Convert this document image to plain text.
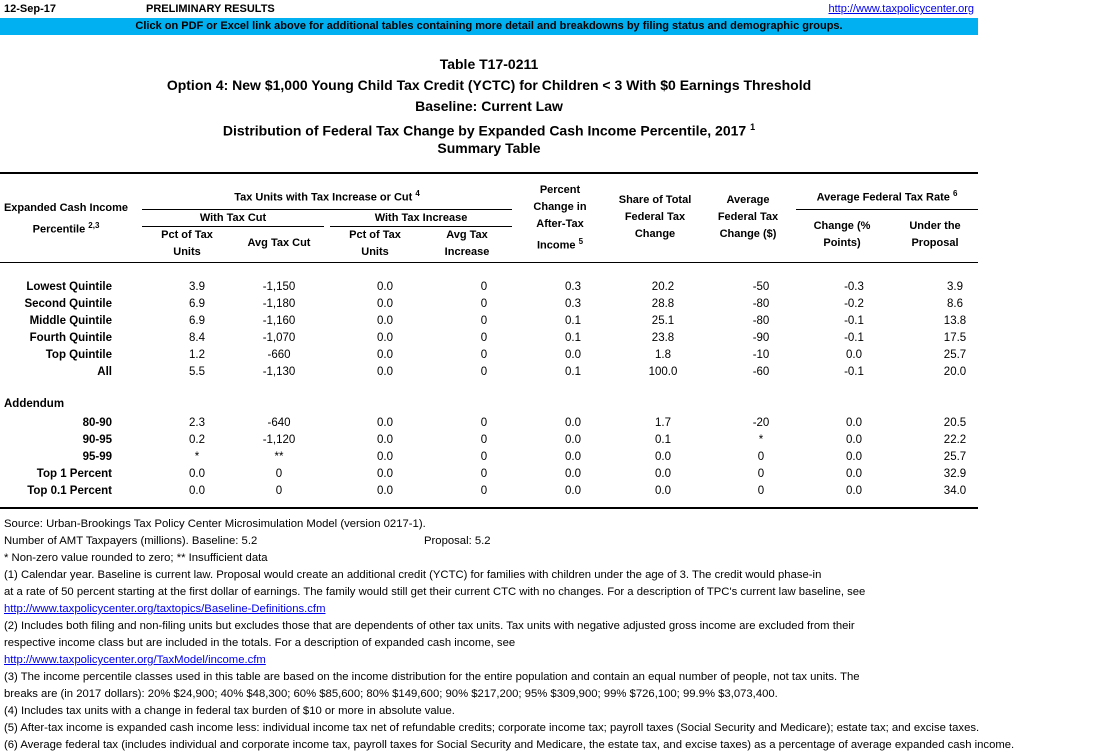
12-Sep-17	PRELIMINARY RESULTS	http://www.taxpolicycenter.org
Click on PDF or Excel link above for additional tables containing more detail and breakdowns by filing status and demographic groups.
Table T17-0211
Option 4: New $1,000 Young Child Tax Credit (YCTC) for Children < 3 With $0 Earnings Threshold
Baseline: Current Law
Distribution of Federal Tax Change by Expanded Cash Income Percentile, 2017 $^1$
Summary Table
Expanded Cash Income
Percentile $^{2,3}$
Tax Units with Tax Increase or Cut $^4$
With Tax Cut	With Tax Increase
Pct of Tax
Units
Avg Tax Cut
Pct of Tax
Units
Avg Tax
Increase
Percent
Change in
After-Tax
Income $^5$
Share of Total
Federal Tax
Change
Average
Federal Tax
Change ($)
Average Federal Tax Rate $^6$
Change (%
Points)
Under the
Proposal
Lowest Quintile	3.9	-1,150	0.0	0	0.3	20.2	-50	-0.3	3.9
Second Quintile	6.9	-1,180	0.0	0	0.3	28.8	-80	-0.2	8.6
Middle Quintile	6.9	-1,160	0.0	0	0.1	25.1	-80	-0.1	13.8
Fourth Quintile	8.4	-1,070	0.0	0	0.1	23.8	-90	-0.1	17.5
Top Quintile	1.2	-660	0.0	0	0.0	1.8	-10	0.0	25.7
All	5.5	-1,130	0.0	0	0.1	100.0	-60	-0.1	20.0
Addendum
80-90	2.3	-640	0.0	0	0.0	1.7	-20	0.0	20.5
90-95	0.2	-1,120	0.0	0	0.0	0.1	*	0.0	22.2
95-99	*	**	0.0	0	0.0	0.0	0	0.0	25.7
Top 1 Percent	0.0	0	0.0	0	0.0	0.0	0	0.0	32.9
Top 0.1 Percent	0.0	0	0.0	0	0.0	0.0	0	0.0	34.0
Source: Urban-Brookings Tax Policy Center Microsimulation Model (version 0217-1).
Number of AMT Taxpayers (millions). Baseline: 5.2	Proposal: 5.2
* Non-zero value rounded to zero; ** Insufficient data
(1) Calendar year. Baseline is current law. Proposal would create an additional credit (YCTC) for families with children under the age of 3. The credit would phase-in
at a rate of 50 percent starting at the first dollar of earnings. The family would still get their current CTC with no changes. For a description of TPC's current law baseline, see
http://www.taxpolicycenter.org/taxtopics/Baseline-Definitions.cfm
(2) Includes both filing and non-filing units but excludes those that are dependents of other tax units. Tax units with negative adjusted gross income are excluded from their
respective income class but are included in the totals. For a description of expanded cash income, see
http://www.taxpolicycenter.org/TaxModel/income.cfm
(3) The income percentile classes used in this table are based on the income distribution for the entire population and contain an equal number of people, not tax units. The
breaks are (in 2017 dollars): 20% $24,900; 40% $48,300; 60% $85,600; 80% $149,600; 90% $217,200; 95% $309,900; 99% $726,100; 99.9% $3,073,400.
(4) Includes tax units with a change in federal tax burden of $10 or more in absolute value.
(5) After-tax income is expanded cash income less: individual income tax net of refundable credits; corporate income tax; payroll taxes (Social Security and Medicare); estate tax; and excise taxes.
(6) Average federal tax (includes individual and corporate income tax, payroll taxes for Social Security and Medicare, the estate tax, and excise taxes) as a percentage of average expanded cash income.
